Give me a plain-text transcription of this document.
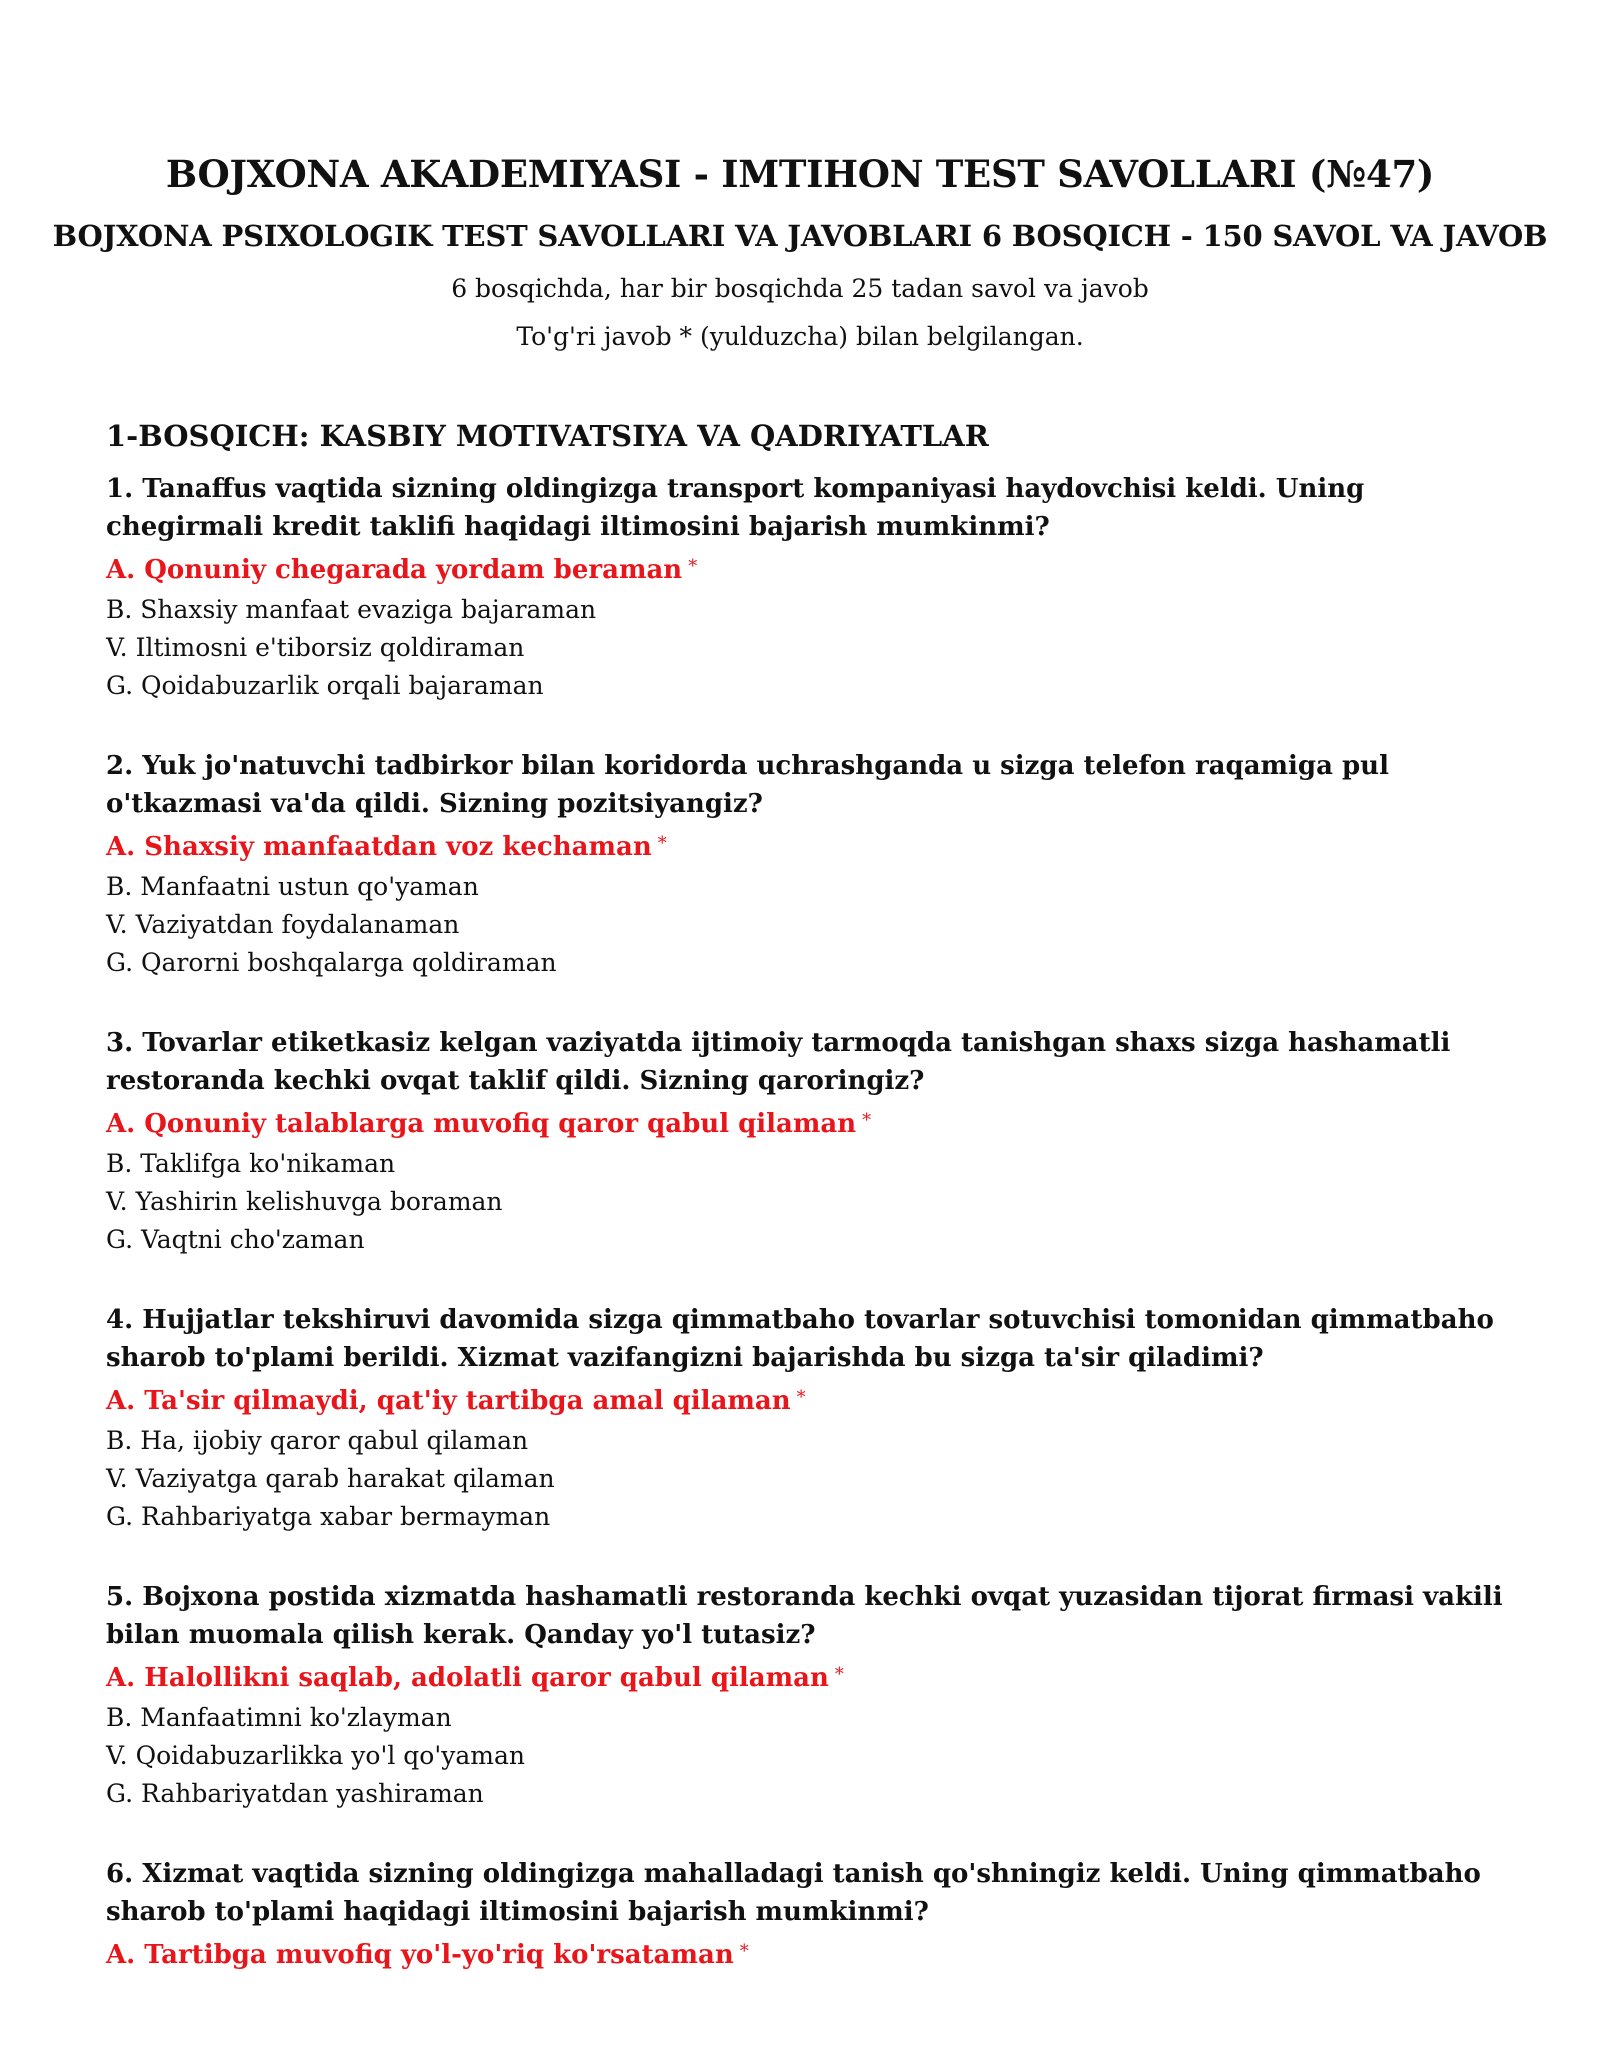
BOJXONA AKADEMIYASI - IMTIHON TEST SAVOLLARI (№47)
BOJXONA PSIXOLOGIK TEST SAVOLLARI VA JAVOBLARI 6 BOSQICH - 150 SAVOL VA JAVOB
6 bosqichda, har bir bosqichda 25 tadan savol va javob
To'g'ri javob * (yulduzcha) bilan belgilangan.
1-BOSQICH: KASBIY MOTIVATSIYA VA QADRIYATLAR
1. Tanaffus vaqtida sizning oldingizga transport kompaniyasi haydovchisi keldi. Uning chegirmali kredit taklifi haqidagi iltimosini bajarish mumkinmi?
A. Qonuniy chegarada yordam beraman *
B. Shaxsiy manfaat evaziga bajaraman
V. Iltimosni e'tiborsiz qoldiraman
G. Qoidabuzarlik orqali bajaraman
2. Yuk jo'natuvchi tadbirkor bilan koridorda uchrashganda u sizga telefon raqamiga pul o'tkazmasi va'da qildi. Sizning pozitsiyangiz?
A. Shaxsiy manfaatdan voz kechaman *
B. Manfaatni ustun qo'yaman
V. Vaziyatdan foydalanaman
G. Qarorni boshqalarga qoldiraman
3. Tovarlar etiketkasiz kelgan vaziyatda ijtimoiy tarmoqda tanishgan shaxs sizga hashamatli restoranda kechki ovqat taklif qildi. Sizning qaroringiz?
A. Qonuniy talablarga muvofiq qaror qabul qilaman *
B. Taklifga ko'nikaman
V. Yashirin kelishuvga boraman
G. Vaqtni cho'zaman
4. Hujjatlar tekshiruvi davomida sizga qimmatbaho tovarlar sotuvchisi tomonidan qimmatbaho sharob to'plami berildi. Xizmat vazifangizni bajarishda bu sizga ta'sir qiladimi?
A. Ta'sir qilmaydi, qat'iy tartibga amal qilaman *
B. Ha, ijobiy qaror qabul qilaman
V. Vaziyatga qarab harakat qilaman
G. Rahbariyatga xabar bermayman
5. Bojxona postida xizmatda hashamatli restoranda kechki ovqat yuzasidan tijorat firmasi vakili bilan muomala qilish kerak. Qanday yo'l tutasiz?
A. Halollikni saqlab, adolatli qaror qabul qilaman *
B. Manfaatimni ko'zlayman
V. Qoidabuzarlikka yo'l qo'yaman
G. Rahbariyatdan yashiraman
6. Xizmat vaqtida sizning oldingizga mahalladagi tanish qo'shningiz keldi. Uning qimmatbaho sharob to'plami haqidagi iltimosini bajarish mumkinmi?
A. Tartibga muvofiq yo'l-yo'riq ko'rsataman *
